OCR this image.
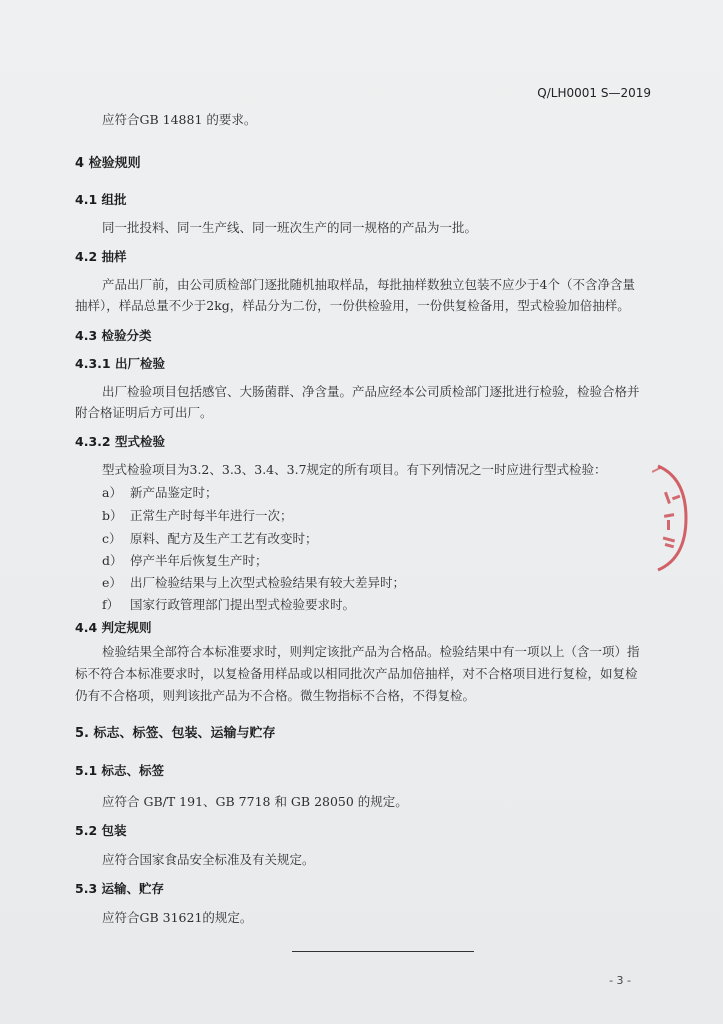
Q/LH0001 S—2019
应符合GB 14881 的要求。
4 检验规则
4.1 组批
同一批投料、同一生产线、同一班次生产的同一规格的产品为一批。
4.2 抽样
产品出厂前，由公司质检部门逐批随机抽取样品，每批抽样数独立包装不应少于4个（不含净含量
抽样），样品总量不少于2kg，样品分为二份，一份供检验用，一份供复检备用，型式检验加倍抽样。
4.3 检验分类
4.3.1 出厂检验
出厂检验项目包括感官、大肠菌群、净含量。产品应经本公司质检部门逐批进行检验，检验合格并
附合格证明后方可出厂。
4.3.2 型式检验
型式检验项目为3.2、3.3、3.4、3.7规定的所有项目。有下列情况之一时应进行型式检验：
a） 新产品鉴定时；
b） 正常生产时每半年进行一次；
c） 原料、配方及生产工艺有改变时；
d） 停产半年后恢复生产时；
e） 出厂检验结果与上次型式检验结果有较大差异时；
f） 国家行政管理部门提出型式检验要求时。
4.4 判定规则
检验结果全部符合本标准要求时，则判定该批产品为合格品。检验结果中有一项以上（含一项）指
标不符合本标准要求时，以复检备用样品或以相同批次产品加倍抽样，对不合格项目进行复检，如复检
仍有不合格项，则判该批产品为不合格。微生物指标不合格，不得复检。
5. 标志、标签、包装、运输与贮存
5.1 标志、标签
应符合 GB/T 191、GB 7718 和 GB 28050 的规定。
5.2 包装
应符合国家食品安全标准及有关规定。
5.3 运输、贮存
应符合GB 31621的规定。
- 3 -
